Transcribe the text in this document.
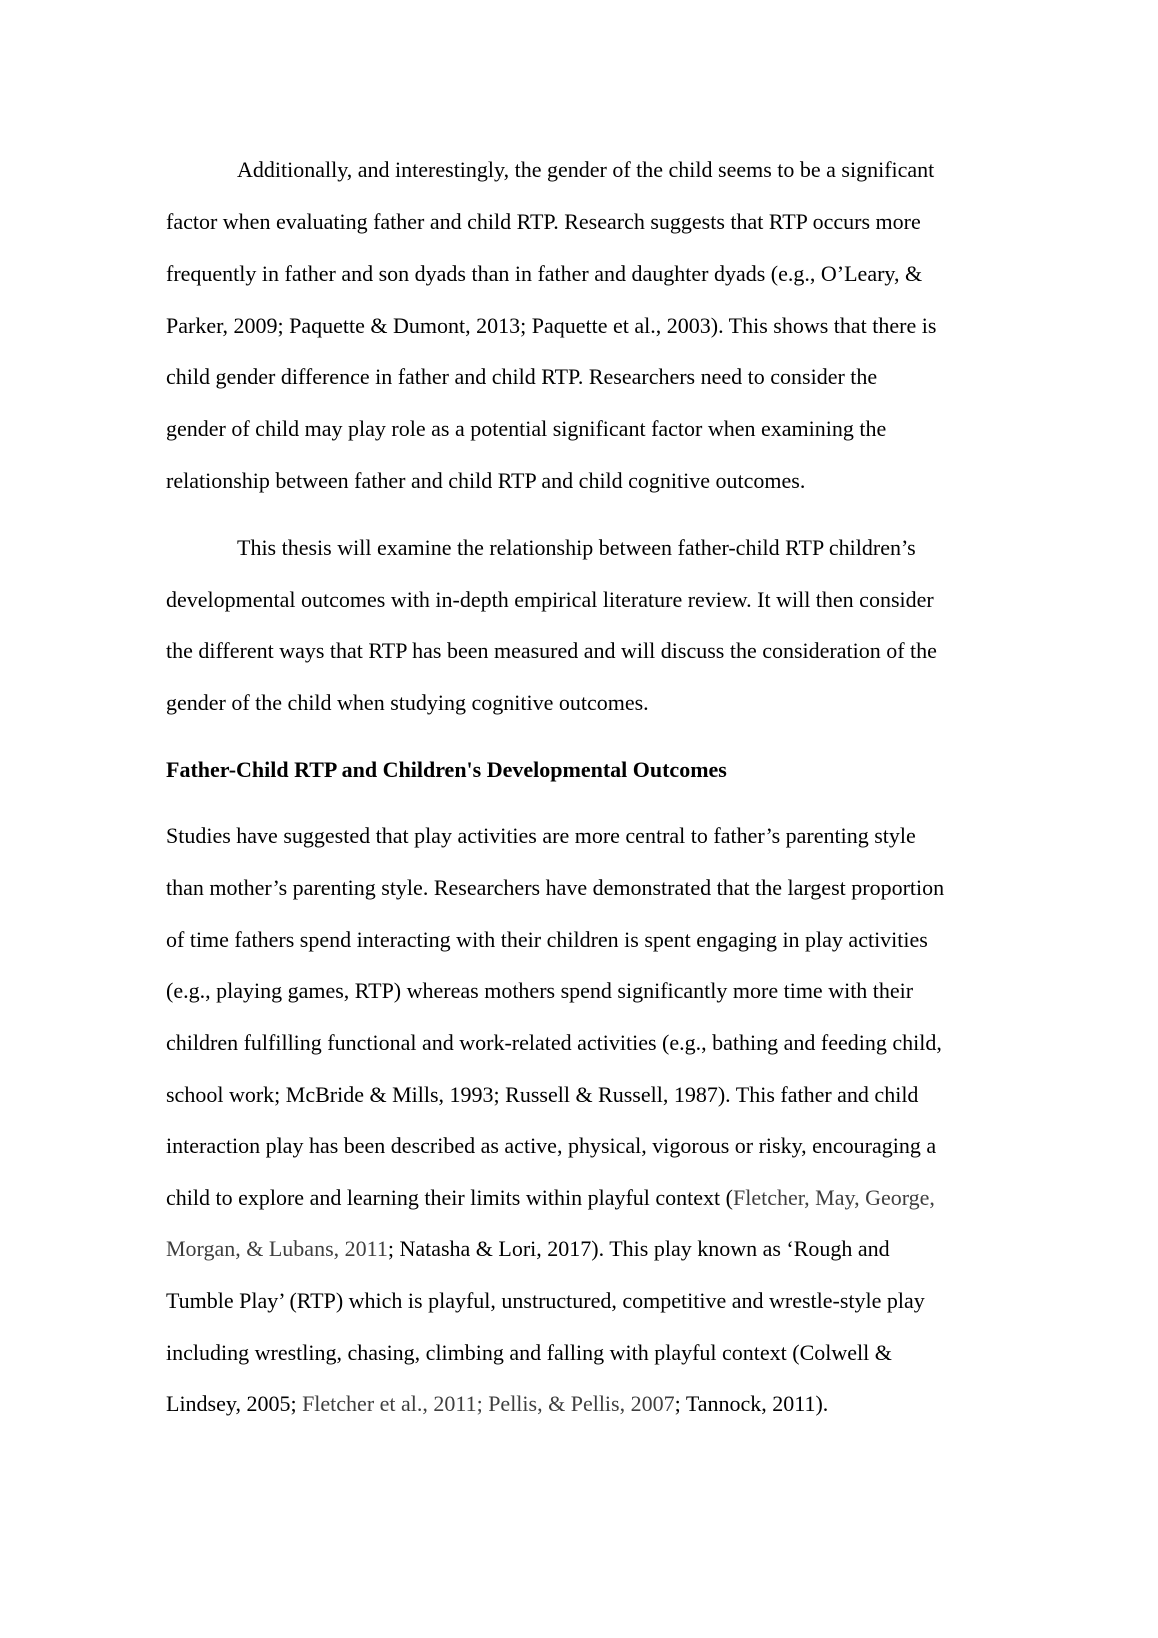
Additionally, and interestingly, the gender of the child seems to be a significant
factor when evaluating father and child RTP. Research suggests that RTP occurs more
frequently in father and son dyads than in father and daughter dyads (e.g., O’Leary, &
Parker, 2009; Paquette & Dumont, 2013; Paquette et al., 2003). This shows that there is
child gender difference in father and child RTP. Researchers need to consider the
gender of child may play role as a potential significant factor when examining the
relationship between father and child RTP and child cognitive outcomes.
This thesis will examine the relationship between father-child RTP children’s
developmental outcomes with in-depth empirical literature review. It will then consider
the different ways that RTP has been measured and will discuss the consideration of the
gender of the child when studying cognitive outcomes.
Father-Child RTP and Children's Developmental Outcomes
Studies have suggested that play activities are more central to father’s parenting style
than mother’s parenting style. Researchers have demonstrated that the largest proportion
of time fathers spend interacting with their children is spent engaging in play activities
(e.g., playing games, RTP) whereas mothers spend significantly more time with their
children fulfilling functional and work-related activities (e.g., bathing and feeding child,
school work; McBride & Mills, 1993; Russell & Russell, 1987). This father and child
interaction play has been described as active, physical, vigorous or risky, encouraging a
child to explore and learning their limits within playful context (Fletcher, May, George,
Morgan, & Lubans, 2011; Natasha & Lori, 2017). This play known as ‘Rough and
Tumble Play’ (RTP) which is playful, unstructured, competitive and wrestle-style play
including wrestling, chasing, climbing and falling with playful context (Colwell &
Lindsey, 2005; Fletcher et al., 2011; Pellis, & Pellis, 2007; Tannock, 2011).
